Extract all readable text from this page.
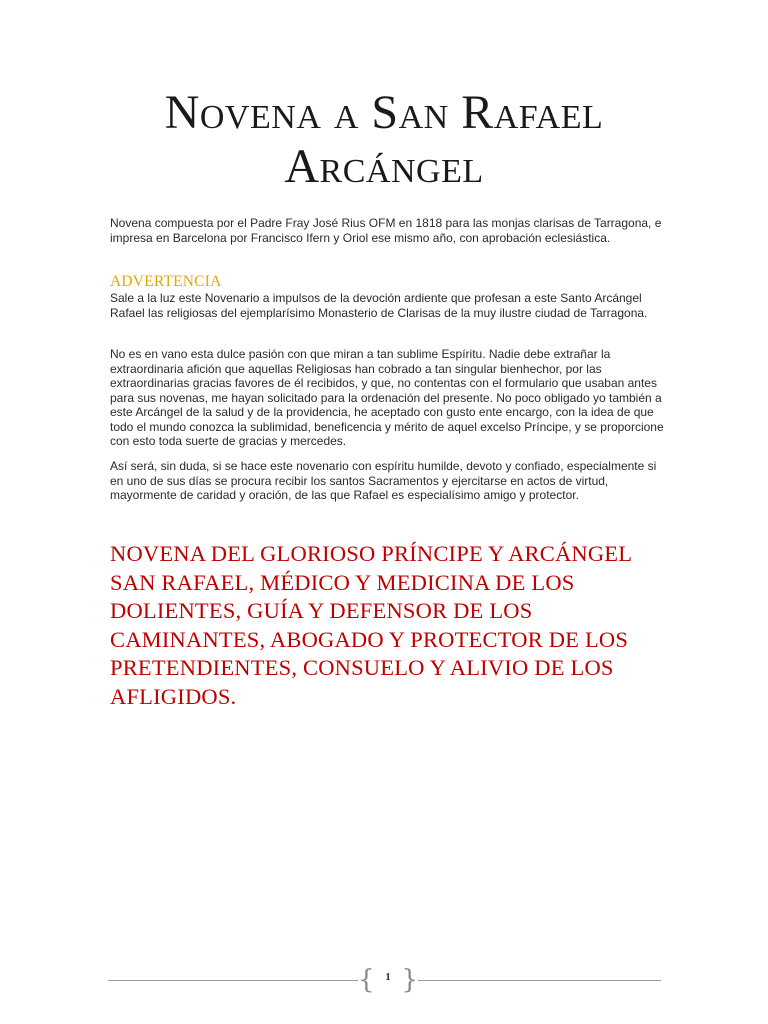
Novena a San Rafael Arcángel
Novena compuesta por el Padre Fray José Rius OFM en 1818 para las monjas clarisas de Tarragona, e impresa en Barcelona por Francisco Ifern y Oriol ese mismo año, con aprobación eclesiástica.
ADVERTENCIA
Sale a la luz este Novenario a impulsos de la devoción ardiente que profesan a este Santo Arcángel Rafael las religiosas del ejemplarísimo Monasterio de Clarisas de la muy ilustre ciudad de Tarragona.
No es en vano esta dulce pasión con que miran a tan sublime Espíritu. Nadie debe extrañar la extraordinaria afición que aquellas Religiosas han cobrado a tan singular bienhechor, por las extraordinarias gracias favores de él recibidos, y que, no contentas con el formulario que usaban antes para sus novenas, me hayan solicitado para la ordenación del presente. No poco obligado yo también a este Arcángel de la salud y de la providencia, he aceptado con gusto ente encargo, con la idea de que todo el mundo conozca la sublimidad, beneficencia y mérito de aquel excelso Príncipe, y se proporcione con esto toda suerte de gracias y mercedes.
Así será, sin duda, si se hace este novenario con espíritu humilde, devoto y confiado, especialmente si en uno de sus días se procura recibir los santos Sacramentos y ejercitarse en actos de virtud, mayormente de caridad y oración, de las que Rafael es especialísimo amigo y protector.
NOVENA DEL GLORIOSO PRÍNCIPE Y ARCÁNGEL SAN RAFAEL, MÉDICO Y MEDICINA DE LOS DOLIENTES, GUÍA Y DEFENSOR DE LOS CAMINANTES, ABOGADO Y PROTECTOR DE LOS PRETENDIENTES, CONSUELO Y ALIVIO DE LOS AFLIGIDOS.
{ 1 }
